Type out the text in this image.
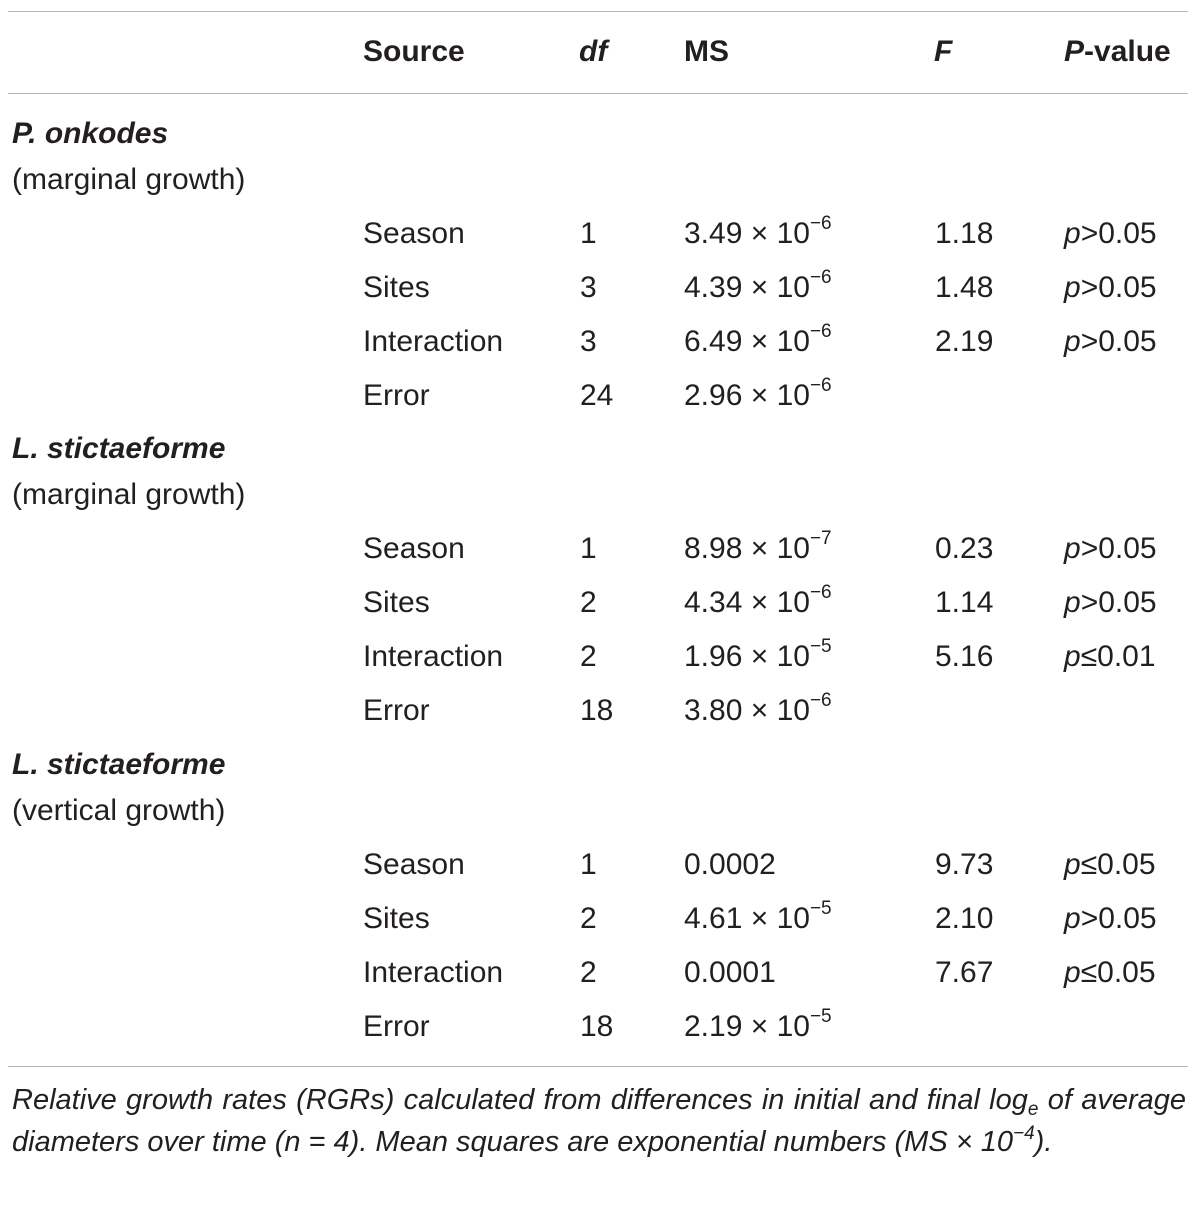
Source	df	MS	F	P-value
P. onkodes
(marginal growth)
Season	1	$3.49 \times 10^{-6}$	1.18 p>0.05
Sites	3	$4.39 \times 10^{-6}$	1.48 p>0.05
Interaction	3	$6.49 \times 10^{-6}$	2.19 p>0.05
Error	24 $2.96 \times 10^{-6}$
L. stictaeforme
(marginal growth)
Season	1	$8.98 \times 10^{-7}$	0.23 p>0.05
Sites	2	$4.34 \times 10^{-6}$	1.14 p>0.05
Interaction	2	$1.96 \times 10^{-5}$	5.16 p≤0.01
Error	18 $3.80 \times 10^{-6}$
L. stictaeforme
(vertical growth)
Season	1	0.0002	9.73 p≤0.05
Sites	2	$4.61 \times 10^{-5}$	2.10 p>0.05
Interaction	2	0.0001	7.67 p≤0.05
Error	18 $2.19 \times 10^{-5}$
Relative growth rates (RGRs) calculated from differences in initial and final $\log_e$ of average diameters over time (n = 4). Mean squares are exponential numbers $(MS \times 10^{-4})$.
